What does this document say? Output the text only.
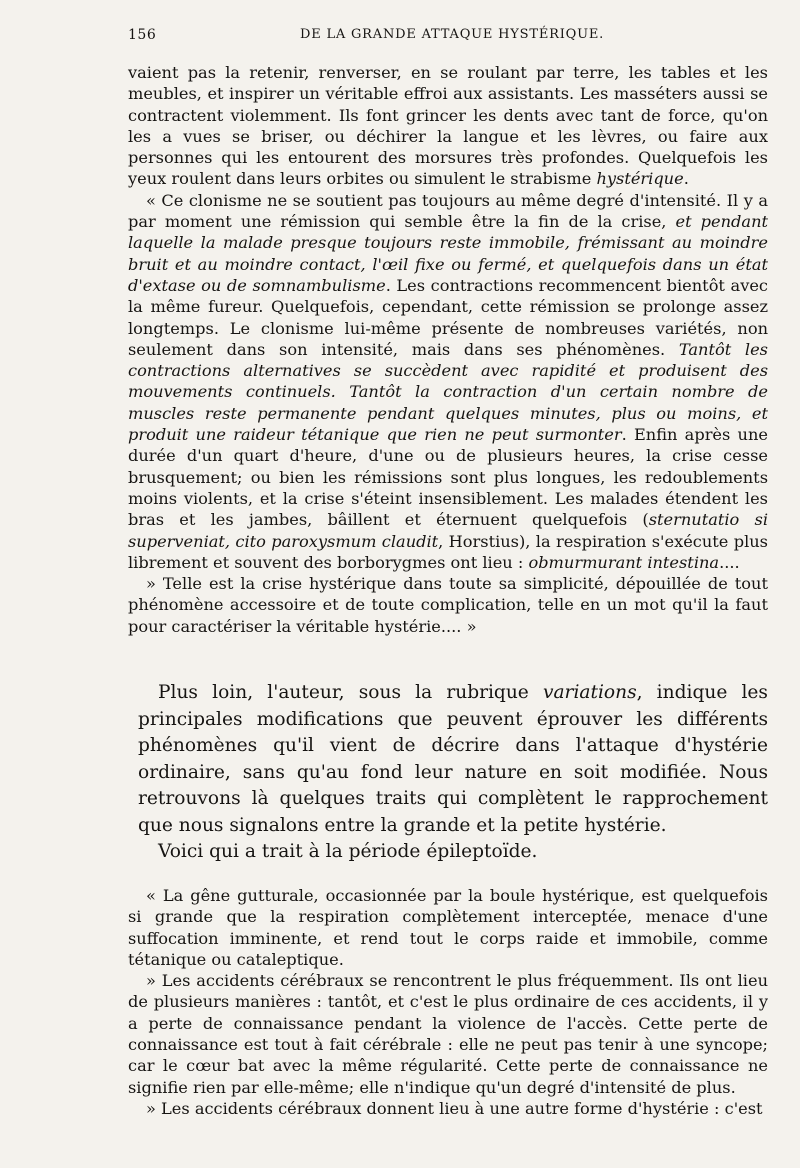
156	DE LA GRANDE ATTAQUE HYSTÉRIQUE.

vaient pas la retenir, renverser, en se roulant par terre, les tables et les meubles, et inspirer un véritable effroi aux assistants. Les masséters aussi se contractent violemment. Ils font grincer les dents avec tant de force, qu'on les a vues se briser, ou déchirer la langue et les lèvres, ou faire aux personnes qui les entourent des morsures très profondes. Quelquefois les yeux roulent dans leurs orbites ou simulent le strabisme hystérique.

« Ce clonisme ne se soutient pas toujours au même degré d'intensité. Il y a par moment une rémission qui semble être la fin de la crise, et pendant laquelle la malade presque toujours reste immobile, frémissant au moindre bruit et au moindre contact, l'œil fixe ou fermé, et quelquefois dans un état d'extase ou de somnambulisme. Les contractions recommencent bientôt avec la même fureur. Quelquefois, cependant, cette rémission se prolonge assez longtemps. Le clonisme lui-même présente de nombreuses variétés, non seulement dans son intensité, mais dans ses phénomènes. Tantôt les contractions alternatives se succèdent avec rapidité et produisent des mouvements continuels. Tantôt la contraction d'un certain nombre de muscles reste permanente pendant quelques minutes, plus ou moins, et produit une raideur tétanique que rien ne peut surmonter. Enfin après une durée d'un quart d'heure, d'une ou de plusieurs heures, la crise cesse brusquement; ou bien les rémissions sont plus longues, les redoublements moins violents, et la crise s'éteint insensiblement. Les malades étendent les bras et les jambes, bâillent et éternuent quelquefois (sternutatio si superveniat, cito paroxysmum claudit, Horstius), la respiration s'exécute plus librement et souvent des borborygmes ont lieu : obmurmurant intestina....

» Telle est la crise hystérique dans toute sa simplicité, dépouillée de tout phénomène accessoire et de toute complication, telle en un mot qu'il la faut pour caractériser la véritable hystérie.... »

Plus loin, l'auteur, sous la rubrique variations, indique les principales modifications que peuvent éprouver les différents phénomènes qu'il vient de décrire dans l'attaque d'hystérie ordinaire, sans qu'au fond leur nature en soit modifiée. Nous retrouvons là quelques traits qui complètent le rapprochement que nous signalons entre la grande et la petite hystérie.

Voici qui a trait à la période épileptoïde.

« La gêne gutturale, occasionnée par la boule hystérique, est quelquefois si grande que la respiration complètement interceptée, menace d'une suffocation imminente, et rend tout le corps raide et immobile, comme tétanique ou cataleptique.

» Les accidents cérébraux se rencontrent le plus fréquemment. Ils ont lieu de plusieurs manières : tantôt, et c'est le plus ordinaire de ces accidents, il y a perte de connaissance pendant la violence de l'accès. Cette perte de connaissance est tout à fait cérébrale : elle ne peut pas tenir à une syncope; car le cœur bat avec la même régularité. Cette perte de connaissance ne signifie rien par elle-même; elle n'indique qu'un degré d'intensité de plus.

» Les accidents cérébraux donnent lieu à une autre forme d'hystérie : c'est
